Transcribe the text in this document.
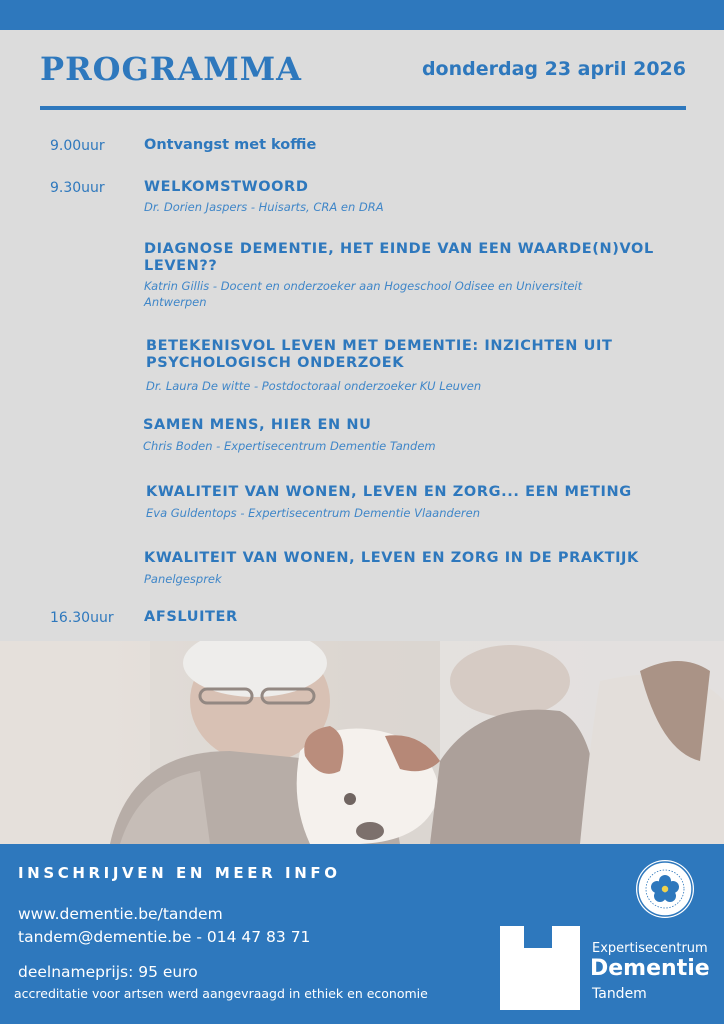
PROGRAMMA	donderdag 23 april 2026
9.00uur	Ontvangst met koffie
9.30uur	WELKOMSTWOORD
Dr. Dorien Jaspers - Huisarts, CRA en DRA
DIAGNOSE DEMENTIE, HET EINDE VAN EEN WAARDE(N)VOL
LEVEN??
Katrin Gillis - Docent en onderzoeker aan Hogeschool Odisee en Universiteit
Antwerpen
BETEKENISVOL LEVEN MET DEMENTIE: INZICHTEN UIT
PSYCHOLOGISCH ONDERZOEK
Dr. Laura De witte - Postdoctoraal onderzoeker KU Leuven
SAMEN MENS, HIER EN NU
Chris Boden - Expertisecentrum Dementie Tandem
KWALITEIT VAN WONEN, LEVEN EN ZORG... EEN METING
Eva Guldentops - Expertisecentrum Dementie Vlaanderen
KWALITEIT VAN WONEN, LEVEN EN ZORG IN DE PRAKTIJK
Panelgesprek
16.30uur AFSLUITER
INSCHRIJVEN EN MEER INFO
www.dementie.be/tandem
tandem@dementie.be - 014 47 83 71
deelnameprijs: 95 euro
accreditatie voor artsen werd aangevraagd in ethiek en economie
Expertisecentrum
Dementie
Tandem
